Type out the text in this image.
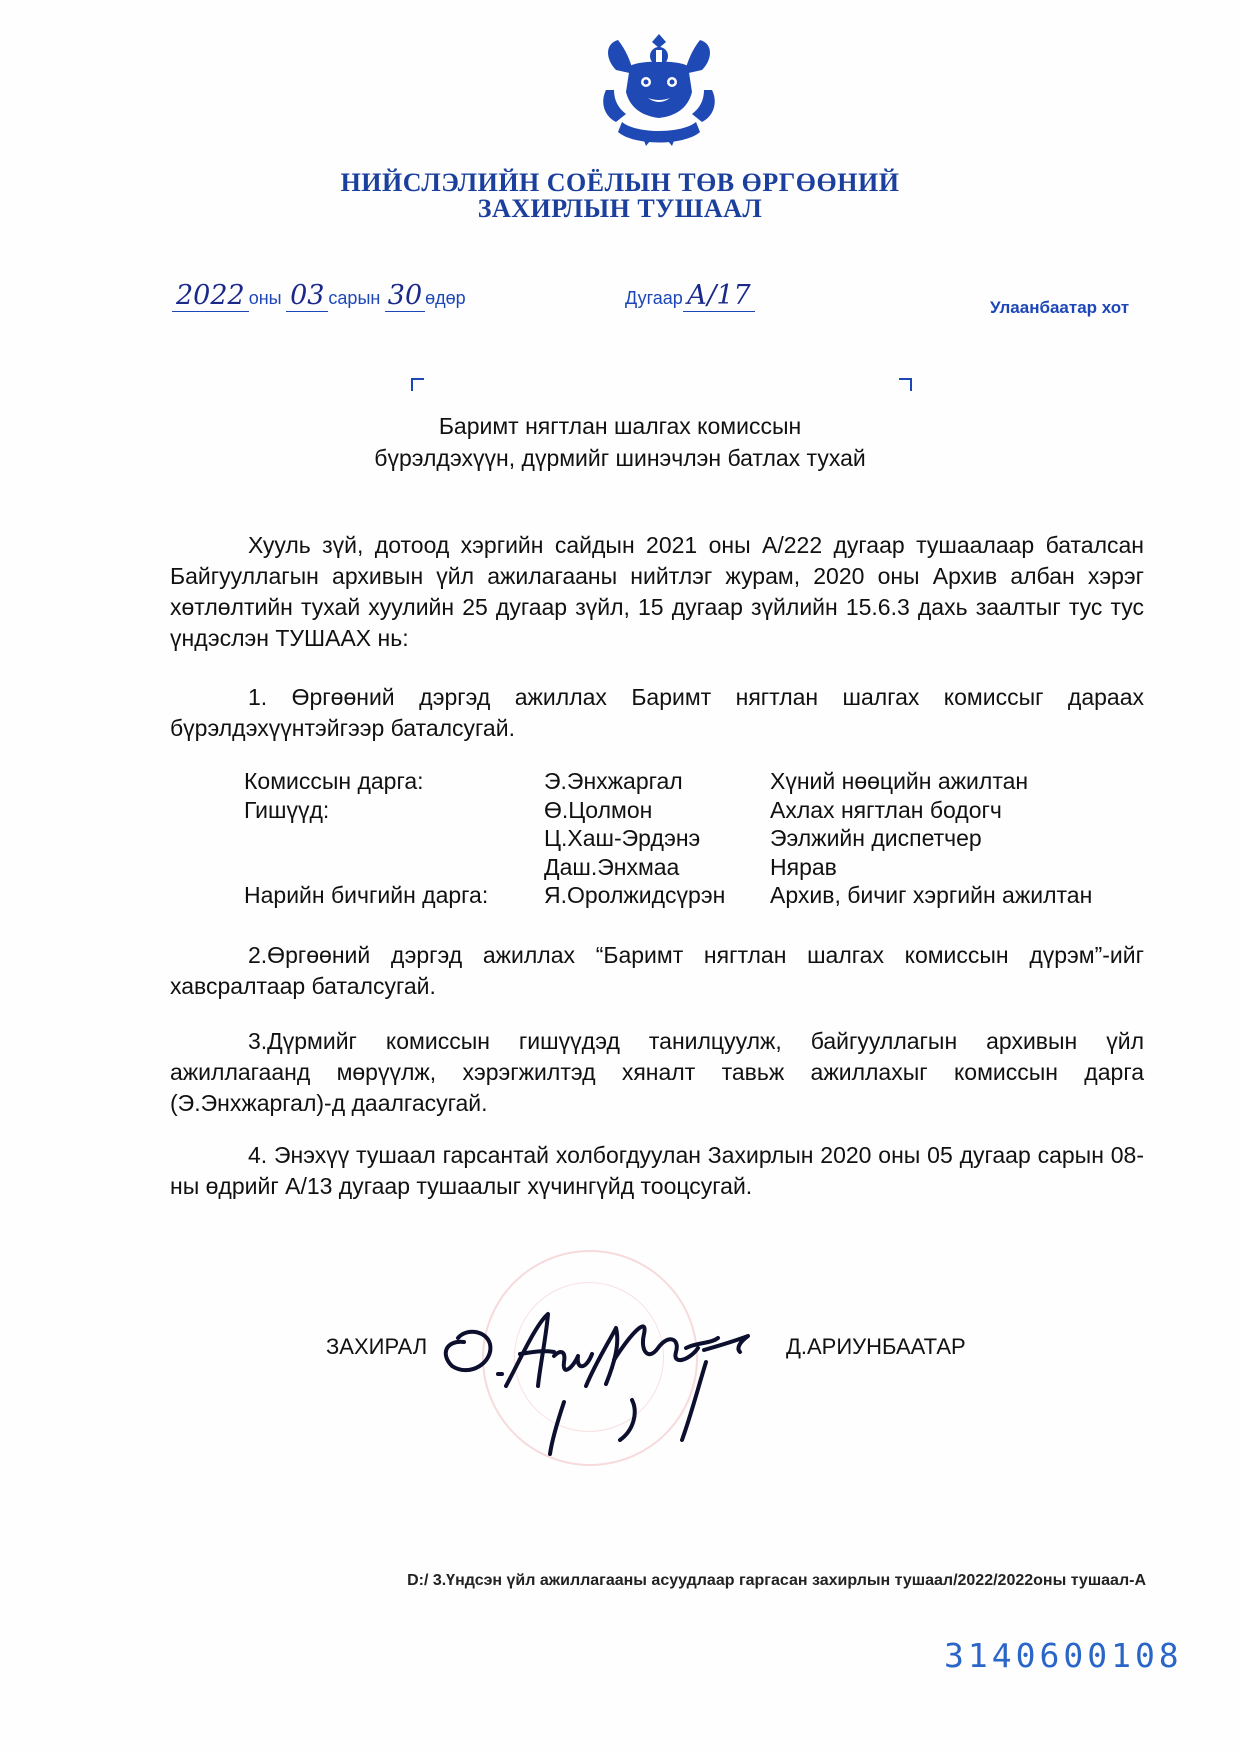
НИЙСЛЭЛИЙН СОЁЛЫН ТӨВ ӨРГӨӨНИЙ
ЗАХИРЛЫН ТУШААЛ
2022 оны 03 сарын 30 өдөр	Дугаар А/17	Улаанбаатар хот
Баримт нягтлан шалгах комиссын
бүрэлдэхүүн, дүрмийг шинэчлэн батлах тухай
Хууль зүй, дотоод хэргийн сайдын 2021 оны А/222 дугаар тушаалаар баталсан Байгууллагын архивын үйл ажилагааны нийтлэг журам, 2020 оны Архив албан хэрэг хөтлөлтийн тухай хуулийн 25 дугаар зүйл, 15 дугаар зүйлийн 15.6.3 дахь заалтыг тус тус үндэслэн ТУШААХ нь:
1. Өргөөний дэргэд ажиллах Баримт нягтлан шалгах комиссыг дараах бүрэлдэхүүнтэйгээр баталсугай.
Комиссын дарга:	Э.Энхжаргал	Хүний нөөцийн ажилтан
Гишүүд:	Ө.Цолмон	Ахлах нягтлан бодогч
	Ц.Хаш-Эрдэнэ	Ээлжийн диспетчер
	Даш.Энхмаа	Нярав
Нарийн бичгийн дарга:	Я.Оролжидсүрэн	Архив, бичиг хэргийн ажилтан
2.Өргөөний дэргэд ажиллах “Баримт нягтлан шалгах комиссын дүрэм”-ийг хавсралтаар баталсугай.
3.Дүрмийг комиссын гишүүдэд танилцуулж, байгууллагын архивын үйл ажиллагаанд мөрүүлж, хэрэгжилтэд хяналт тавьж ажиллахыг комиссын дарга (Э.Энхжаргал)-д даалгасугай.
4. Энэхүү тушаал гарсантай холбогдуулан Захирлын 2020 оны 05 дугаар сарын 08-ны өдрийг А/13 дугаар тушаалыг хүчингүйд тооцсугай.
ЗАХИРАЛ	Д.АРИУНБААТАР
D:/ 3.Үндсэн үйл ажиллагааны асуудлаар гаргасан захирлын тушаал/2022/2022оны тушаал-А
3140600108
